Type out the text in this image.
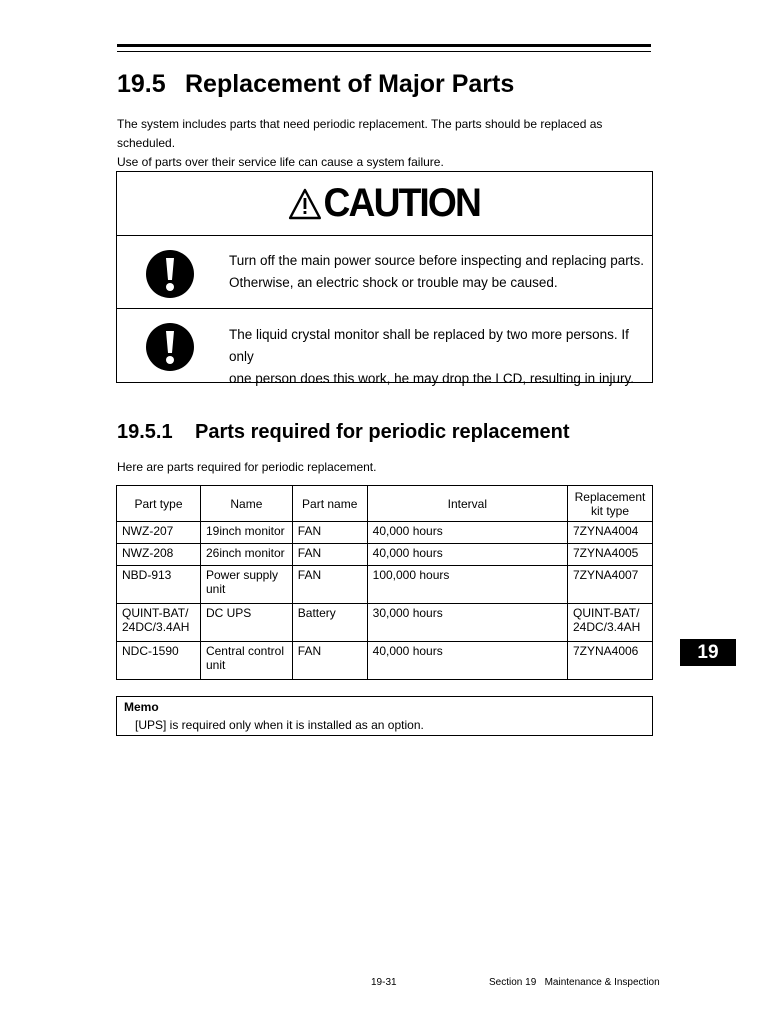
19.5 Replacement of Major Parts
The system includes parts that need periodic replacement. The parts should be replaced as scheduled.
Use of parts over their service life can cause a system failure.
CAUTION
Turn off the main power source before inspecting and replacing parts.
Otherwise, an electric shock or trouble may be caused.
The liquid crystal monitor shall be replaced by two more persons. If only
one person does this work, he may drop the LCD, resulting in injury.
19.5.1 Parts required for periodic replacement
Here are parts required for periodic replacement.
Part type	Name	Part name	Interval	Replacement kit type
NWZ-207	19inch monitor	FAN	40,000 hours	7ZYNA4004
NWZ-208	26inch monitor	FAN	40,000 hours	7ZYNA4005
NBD-913	Power supply unit	FAN	100,000 hours	7ZYNA4007
QUINT-BAT/ 24DC/3.4AH	DC UPS	Battery	30,000 hours	QUINT-BAT/ 24DC/3.4AH
NDC-1590	Central control unit	FAN	40,000 hours	7ZYNA4006
Memo
[UPS] is required only when it is installed as an option.
19
19-31	Section 19   Maintenance & Inspection
